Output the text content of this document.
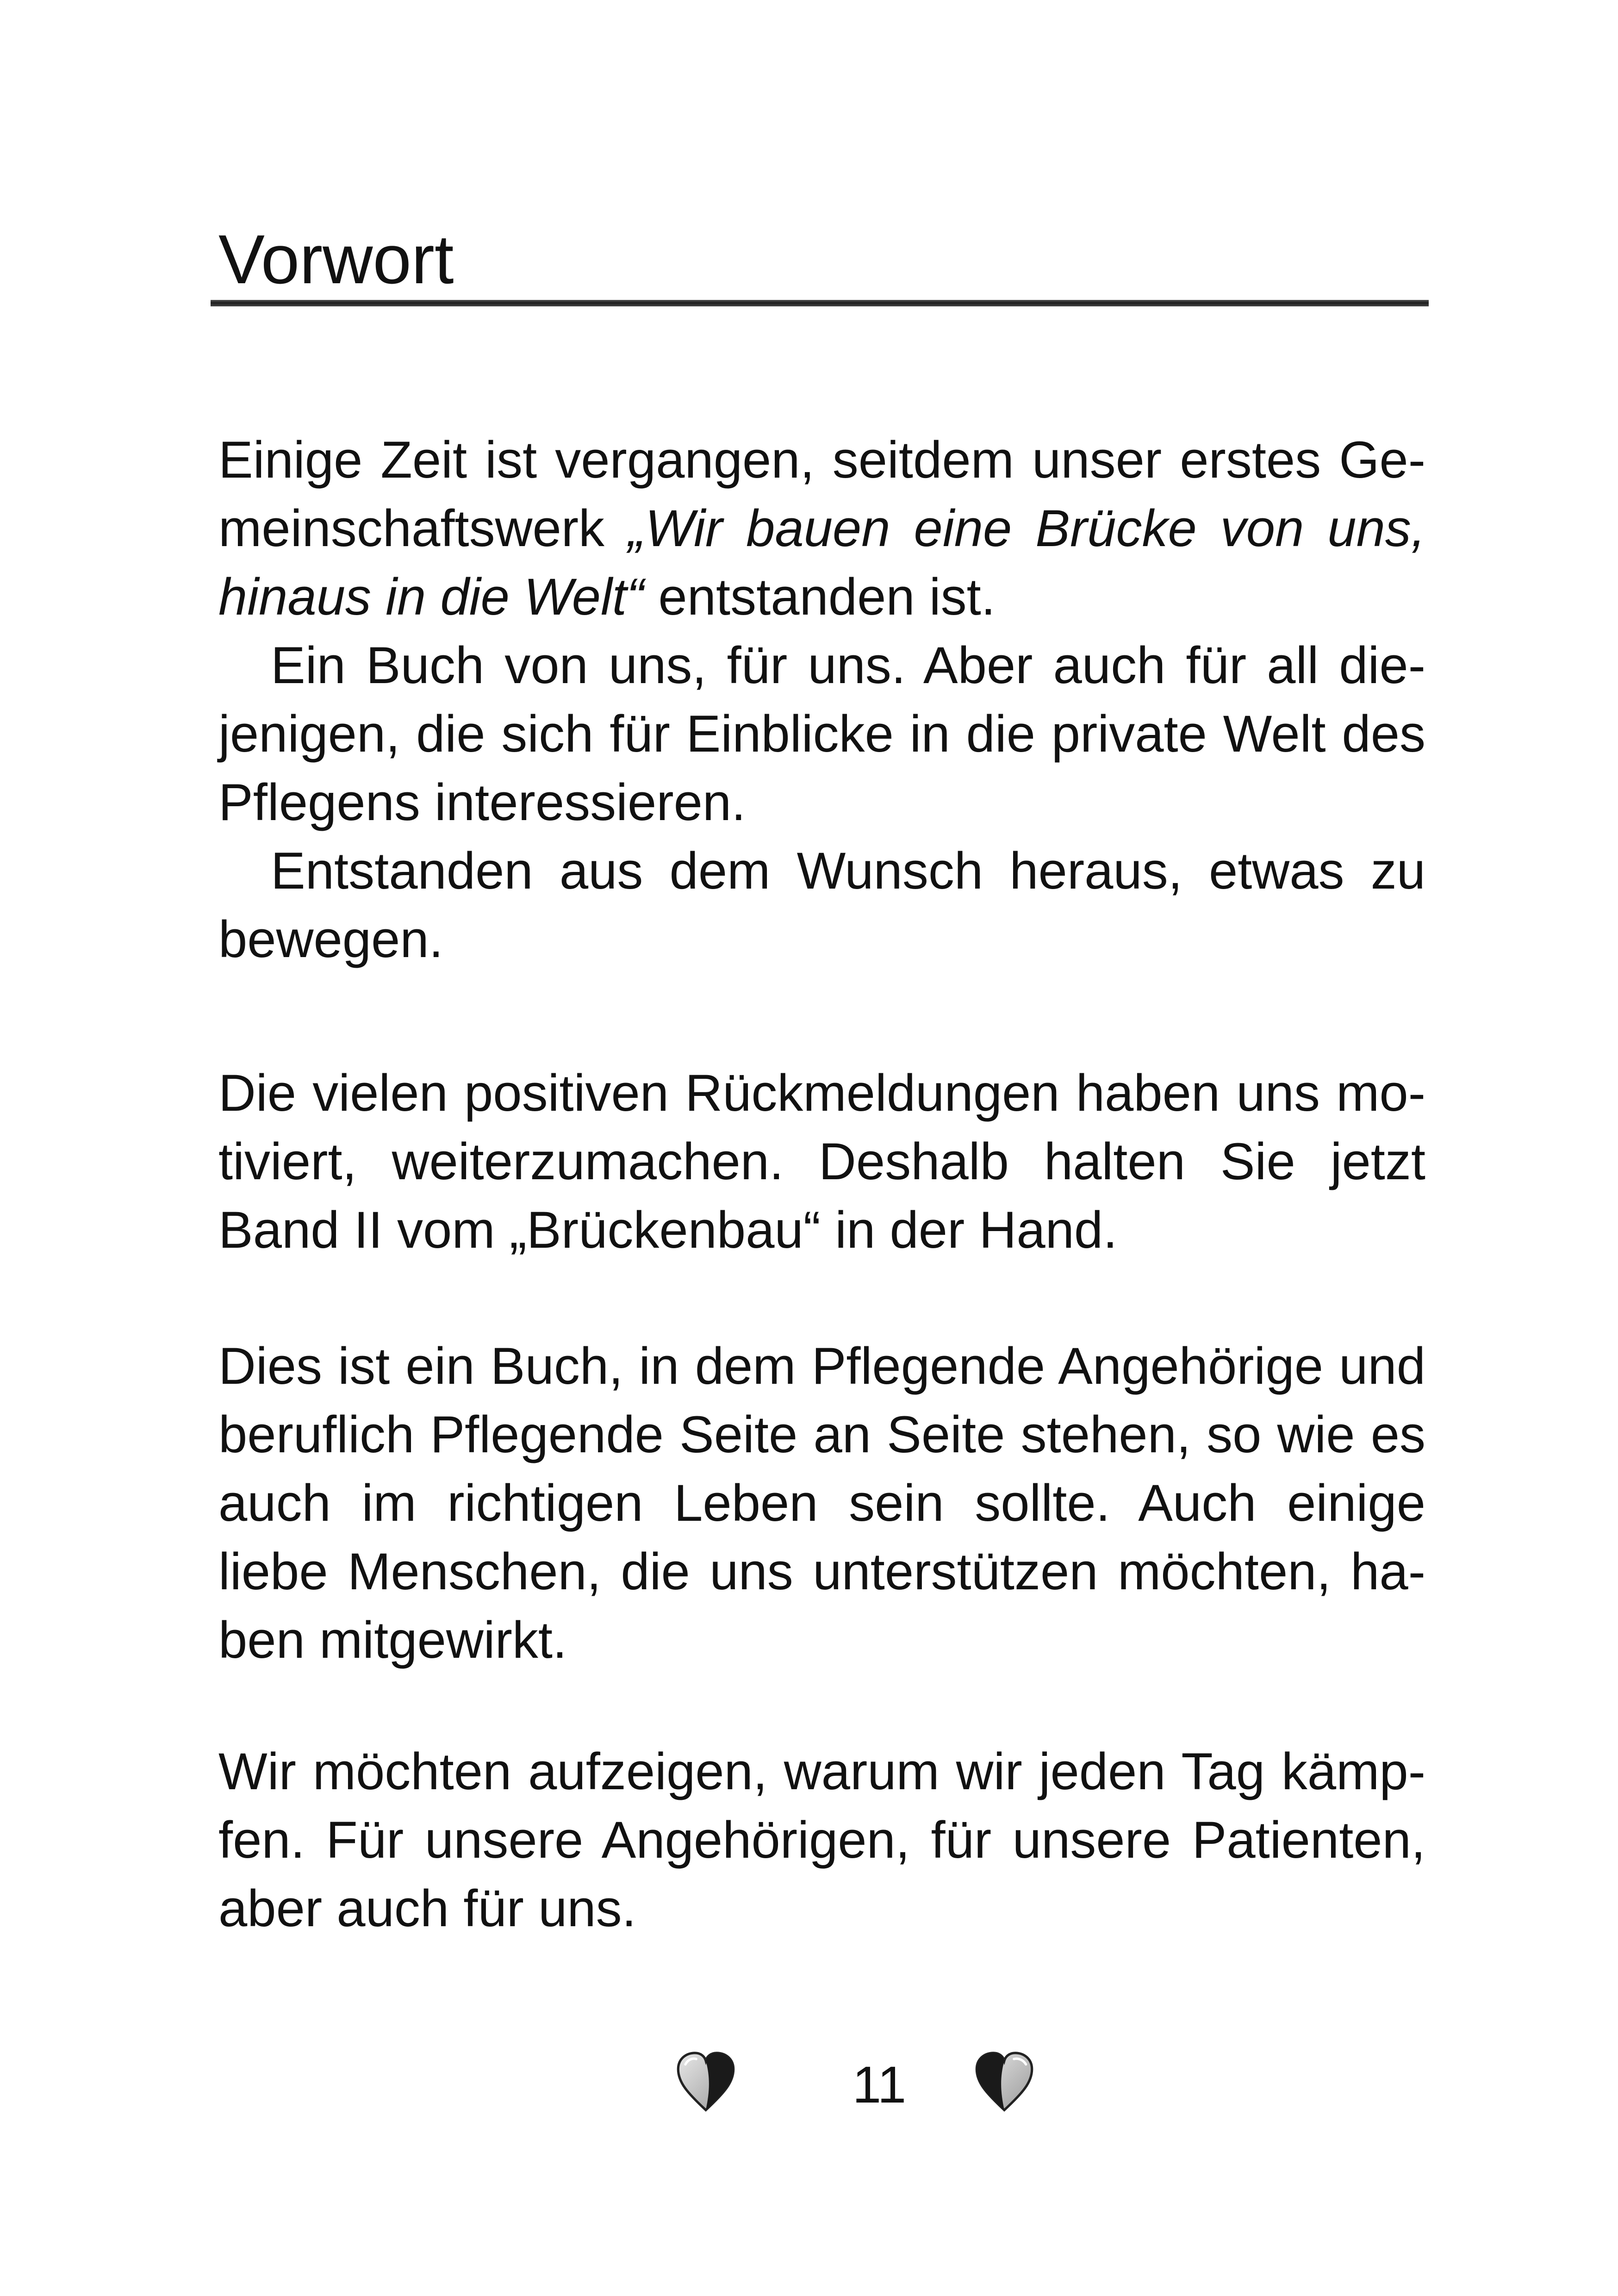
Vorwort
Einige Zeit ist vergangen, seitdem unser erstes Ge-
meinschaftswerk „Wir bauen eine Brücke von uns,
hinaus in die Welt“ entstanden ist.
Ein Buch von uns, für uns. Aber auch für all die-
jenigen, die sich für Einblicke in die private Welt des
Pflegens interessieren.
Entstanden aus dem Wunsch heraus, etwas zu
bewegen.
Die vielen positiven Rückmeldungen haben uns mo-
tiviert, weiterzumachen. Deshalb halten Sie jetzt
Band II vom „Brückenbau“ in der Hand.
Dies ist ein Buch, in dem Pflegende Angehörige und
beruflich Pflegende Seite an Seite stehen, so wie es
auch im richtigen Leben sein sollte. Auch einige
liebe Menschen, die uns unterstützen möchten, ha-
ben mitgewirkt.
Wir möchten aufzeigen, warum wir jeden Tag kämp-
fen. Für unsere Angehörigen, für unsere Patienten,
aber auch für uns.
11
